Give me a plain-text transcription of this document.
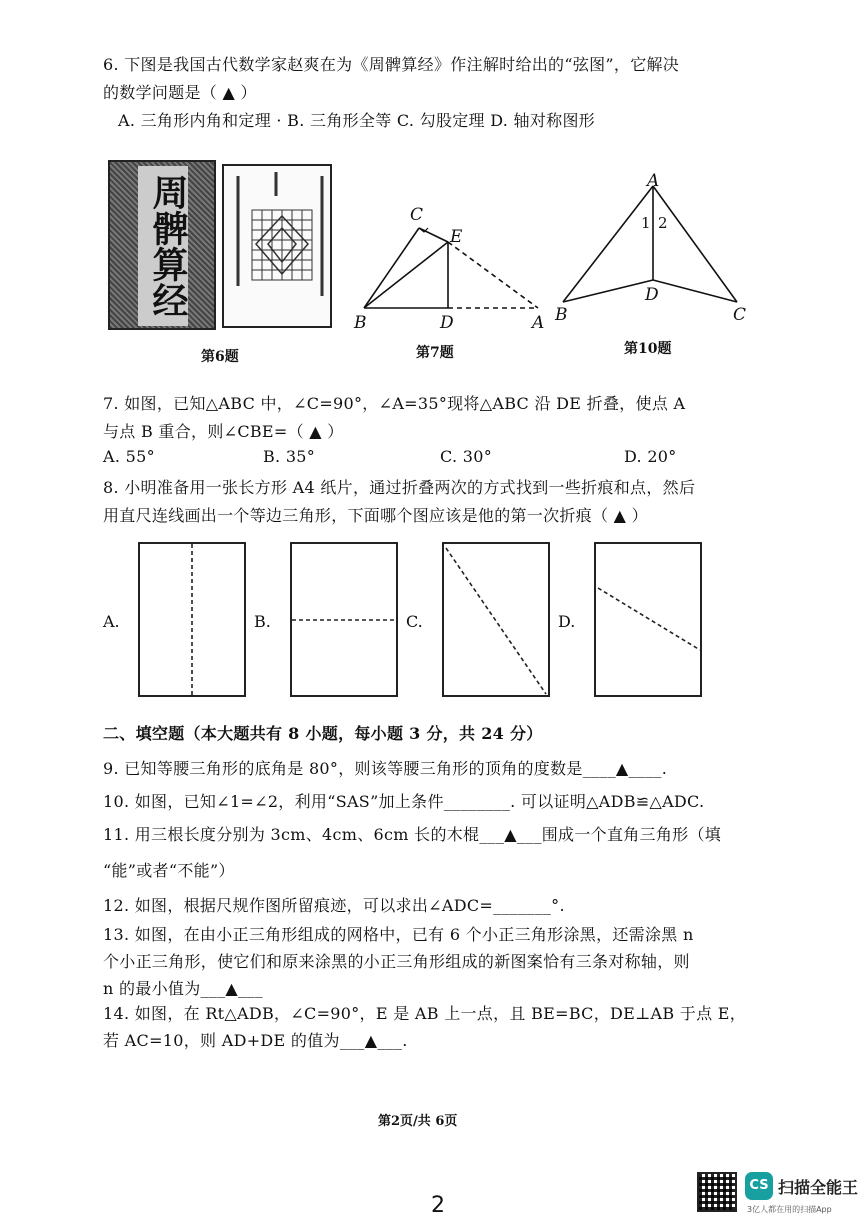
6. 下图是我国古代数学家赵爽在为《周髀算经》作注解时给出的“弦图”，它解决
的数学问题是（ ▲ ）
A. 三角形内角和定理 · B. 三角形全等 C. 勾股定理 D. 轴对称图形
周髀算经
第6题
C
E
B	D	A
第7题
A
1 2
D
B	C
第10题
7. 如图，已知△ABC 中，∠C=90°，∠A=35°现将△ABC 沿 DE 折叠，使点 A
与点 B 重合，则∠CBE=（ ▲ ）
A. 55°	B. 35°	C. 30°	D. 20°
8. 小明准备用一张长方形 A4 纸片，通过折叠两次的方式找到一些折痕和点，然后
用直尺连线画出一个等边三角形，下面哪个图应该是他的第一次折痕（ ▲ ）
A.	B.	C.	D.
二、填空题（本大题共有 8 小题，每小题 3 分，共 24 分）
9. 已知等腰三角形的底角是 80°，则该等腰三角形的顶角的度数是____▲____.
10. 如图，已知∠1=∠2，利用“SAS”加上条件________. 可以证明△ADB≌△ADC.
11. 用三根长度分别为 3cm、4cm、6cm 长的木棍___▲___围成一个直角三角形（填
“能”或者“不能”）
12. 如图，根据尺规作图所留痕迹，可以求出∠ADC=_______°.
13. 如图，在由小正三角形组成的网格中，已有 6 个小正三角形涂黑，还需涂黑 n
个小正三角形，使它们和原来涂黑的小正三角形组成的新图案恰有三条对称轴，则
n 的最小值为___▲___
14. 如图，在 Rt△ADB，∠C=90°，E 是 AB 上一点，且 BE=BC，DE⊥AB 于点 E，
若 AC=10，则 AD+DE 的值为___▲___.
第2页/共 6页
2
CS 扫描全能王
3亿人都在用的扫描App
